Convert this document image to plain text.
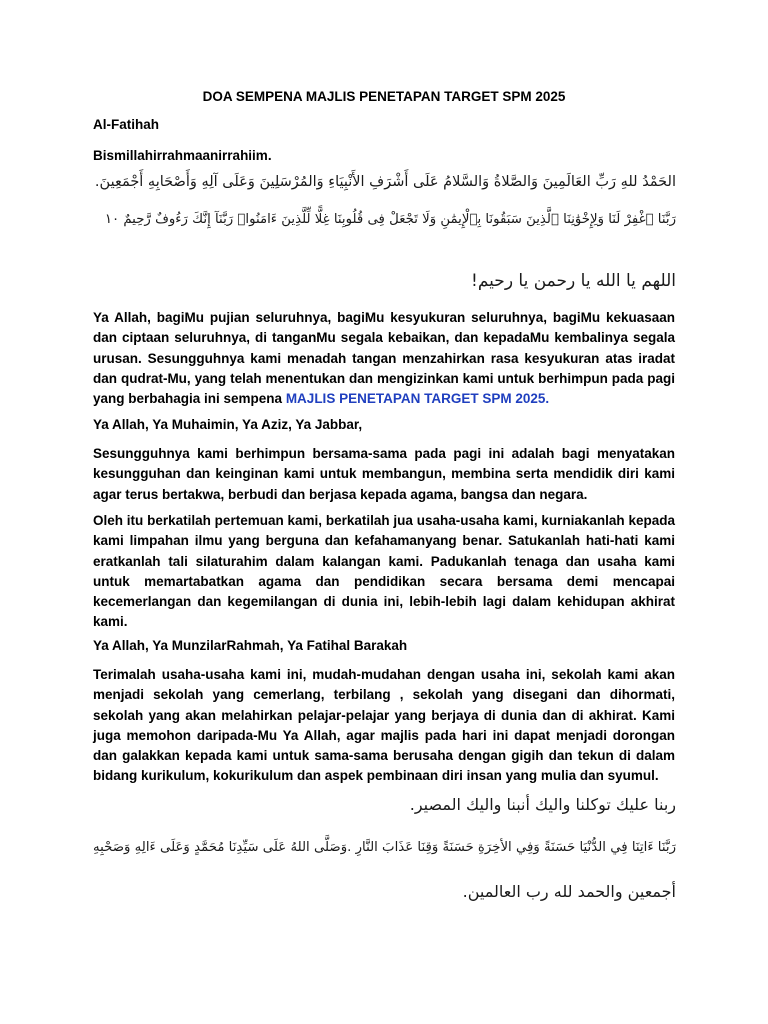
DOA SEMPENA MAJLIS PENETAPAN TARGET SPM 2025
Al-Fatihah
Bismillahirrahmaanirrahiim.
الحَمْدُ للهِ رَبِّ العَالَمِينَ وَالصَّلاةُ وَالسَّلامُ عَلَى أَشْرَفِ الأَنْبِيَاءِ وَالمُرْسَلِينَ وَعَلَى آلِهِ وَأَصْحَابِهِ أَجْمَعِينَ.
رَبَّنَا ٱغْفِرْ لَنَا وَلِإِخْوَٰنِنَا ٱلَّذِينَ سَبَقُونَا بِٱلْإِيمَٰنِ وَلَا تَجْعَلْ فِى قُلُوبِنَا غِلًّا لِّلَّذِينَ ءَامَنُوا۟ رَبَّنَآ إِنَّكَ رَءُوفٌ رَّحِيمٌ ١٠
اللهم يا الله يا رحمن يا رحيم!

Ya Allah, bagiMu pujian seluruhnya, bagiMu kesyukuran seluruhnya, bagiMu kekuasaan dan ciptaan seluruhnya, di tanganMu segala kebaikan, dan kepadaMu kembalinya segala urusan. Sesungguhnya kami menadah tangan menzahirkan rasa kesyukuran atas iradat dan qudrat-Mu, yang telah menentukan dan mengizinkan kami untuk berhimpun pada pagi yang berbahagia ini sempena MAJLIS PENETAPAN TARGET SPM 2025.

Ya Allah, Ya Muhaimin, Ya Aziz, Ya Jabbar,

Sesungguhnya kami berhimpun bersama-sama pada pagi ini adalah bagi menyatakan kesungguhan dan keinginan kami untuk membangun, membina serta mendidik diri kami agar terus bertakwa, berbudi dan berjasa kepada agama, bangsa dan negara.

Oleh itu berkatilah pertemuan kami, berkatilah jua usaha-usaha kami, kurniakanlah kepada kami limpahan ilmu yang berguna dan kefahamanyang benar. Satukanlah hati-hati kami eratkanlah tali silaturahim dalam kalangan kami. Padukanlah tenaga dan usaha kami untuk memartabatkan agama dan pendidikan secara bersama demi mencapai kecemerlangan dan kegemilangan di dunia ini, lebih-lebih lagi dalam kehidupan akhirat kami.

Ya Allah, Ya MunzilarRahmah, Ya Fatihal Barakah

Terimalah usaha-usaha kami ini, mudah-mudahan dengan usaha ini, sekolah kami akan menjadi sekolah yang cemerlang, terbilang , sekolah yang disegani dan dihormati, sekolah yang akan melahirkan pelajar-pelajar yang berjaya di dunia dan di akhirat. Kami juga memohon daripada-Mu Ya Allah, agar majlis pada hari ini dapat menjadi dorongan dan galakkan kepada kami untuk sama-sama berusaha dengan gigih dan tekun di dalam bidang kurikulum, kokurikulum dan aspek pembinaan diri insan yang mulia dan syumul.

ربنا عليك توكلنا واليك أنبنا واليك المصير.
رَبَّنَا ءَاتِنَا فِي الدُّنْيَا حَسَنَةً وَفِي الأخِرَةِ حَسَنَةً وَقِنَا عَذَابَ النَّارِ .وَصَلَّى اللهُ عَلَى سَيِّدِنَا مُحَمَّدٍ وَعَلَى ءَالِهِ وَصَحْبِهِ
أجمعين والحمد لله رب العالمين.
